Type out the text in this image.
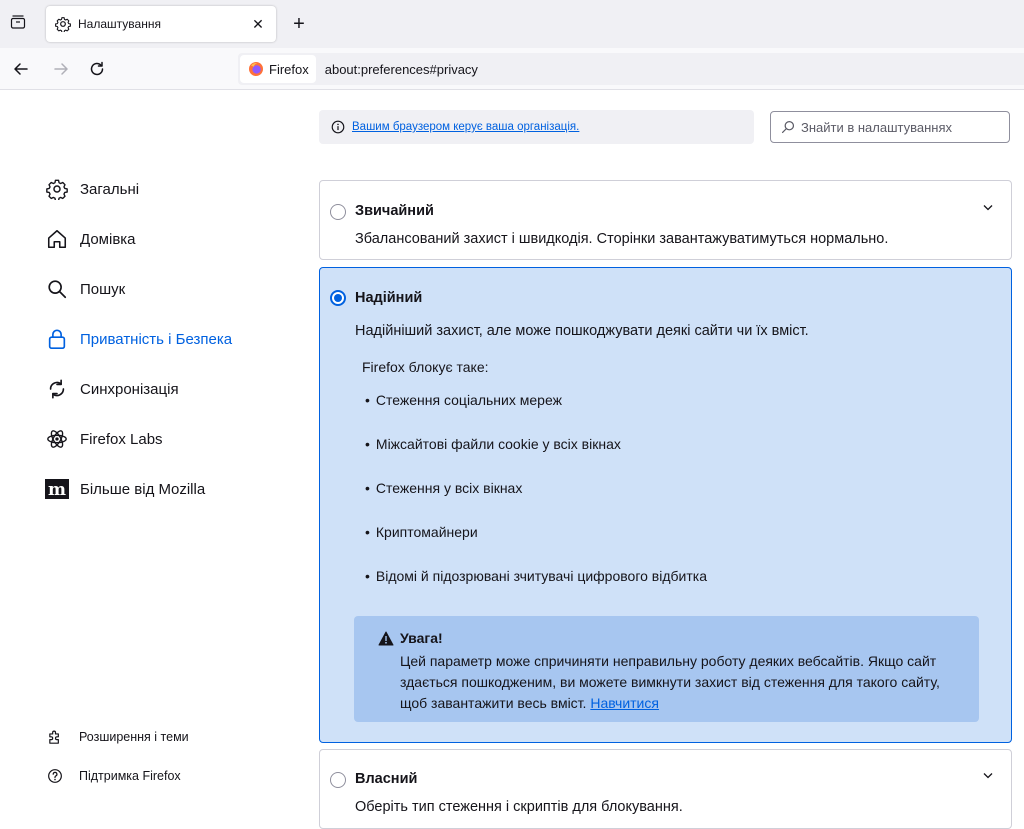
Налаштування	✕ +
Firefox about:preferences#privacy
Загальні
Домівка
Пошук
Приватність і Безпека
Синхронізація
Firefox Labs
m Більше від Mozilla
Розширення і теми
Підтримка Firefox
Вашим браузером керує ваша організація.	Знайти в налаштуваннях
Звичайний
Збалансований захист і швидкодія. Сторінки завантажуватимуться нормально.
Надійний
Надійніший захист, але може пошкоджувати деякі сайти чи їх вміст.
Firefox блокує таке:
• Стеження соціальних мереж
• Міжсайтові файли cookie у всіх вікнах
• Стеження у всіх вікнах
• Криптомайнери
• Відомі й підозрювані зчитувачі цифрового відбитка
Увага!
Цей параметр може спричиняти неправильну роботу деяких вебсайтів. Якщо сайт здається пошкодженим, ви можете вимкнути захист від стеження для такого сайту, щоб завантажити весь вміст. Навчитися
Власний
Оберіть тип стеження і скриптів для блокування.
